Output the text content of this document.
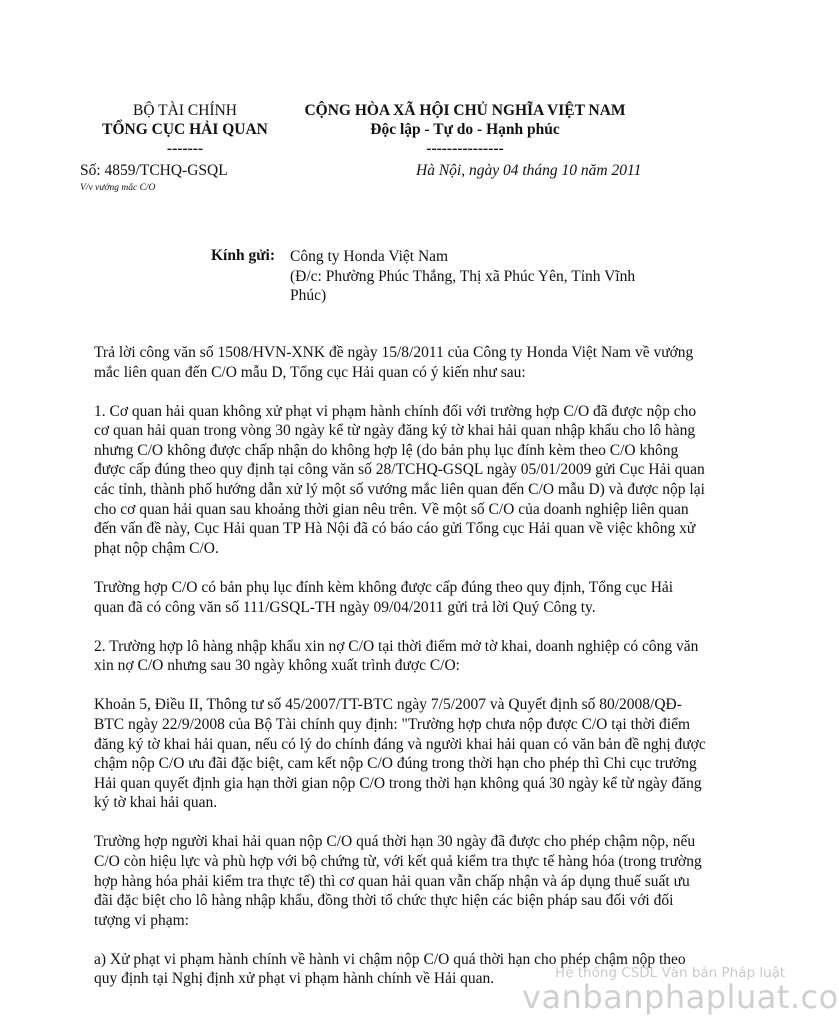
BỘ TÀI CHÍNH
TỔNG CỤC HẢI QUAN
-------
CỘNG HÒA XÃ HỘI CHỦ NGHĨA VIỆT NAM
Độc lập - Tự do - Hạnh phúc
---------------
Số: 4859/TCHQ-GSQL
V/v vướng mắc C/O
Hà Nội, ngày 04 tháng 10 năm 2011
Kính gửi: Công ty Honda Việt Nam
(Đ/c: Phường Phúc Thắng, Thị xã Phúc Yên, Tỉnh Vĩnh Phúc)

Trả lời công văn số 1508/HVN-XNK đề ngày 15/8/2011 của Công ty Honda Việt Nam về vướng mắc liên quan đến C/O mẫu D, Tổng cục Hải quan có ý kiến như sau:

1. Cơ quan hải quan không xử phạt vi phạm hành chính đối với trường hợp C/O đã được nộp cho cơ quan hải quan trong vòng 30 ngày kể từ ngày đăng ký tờ khai hải quan nhập khẩu cho lô hàng nhưng C/O không được chấp nhận do không hợp lệ (do bản phụ lục đính kèm theo C/O không được cấp đúng theo quy định tại công văn số 28/TCHQ-GSQL ngày 05/01/2009 gửi Cục Hải quan các tỉnh, thành phố hướng dẫn xử lý một số vướng mắc liên quan đến C/O mẫu D) và được nộp lại cho cơ quan hải quan sau khoảng thời gian nêu trên. Về một số C/O của doanh nghiệp liên quan đến vấn đề này, Cục Hải quan TP Hà Nội đã có báo cáo gửi Tổng cục Hải quan về việc không xử phạt nộp chậm C/O.

Trường hợp C/O có bản phụ lục đính kèm không được cấp đúng theo quy định, Tổng cục Hải quan đã có công văn số 111/GSQL-TH ngày 09/04/2011 gửi trả lời Quý Công ty.

2. Trường hợp lô hàng nhập khẩu xin nợ C/O tại thời điểm mở tờ khai, doanh nghiệp có công văn xin nợ C/O nhưng sau 30 ngày không xuất trình được C/O:

Khoản 5, Điều II, Thông tư số 45/2007/TT-BTC ngày 7/5/2007 và Quyết định số 80/2008/QĐ-BTC ngày 22/9/2008 của Bộ Tài chính quy định: "Trường hợp chưa nộp được C/O tại thời điểm đăng ký tờ khai hải quan, nếu có lý do chính đáng và người khai hải quan có văn bản đề nghị được chậm nộp C/O ưu đãi đặc biệt, cam kết nộp C/O đúng trong thời hạn cho phép thì Chi cục trưởng Hải quan quyết định gia hạn thời gian nộp C/O trong thời hạn không quá 30 ngày kể từ ngày đăng ký tờ khai hải quan.

Trường hợp người khai hải quan nộp C/O quá thời hạn 30 ngày đã được cho phép chậm nộp, nếu C/O còn hiệu lực và phù hợp với bộ chứng từ, với kết quả kiểm tra thực tế hàng hóa (trong trường hợp hàng hóa phải kiểm tra thực tế) thì cơ quan hải quan vẫn chấp nhận và áp dụng thuế suất ưu đãi đặc biệt cho lô hàng nhập khẩu, đồng thời tổ chức thực hiện các biện pháp sau đối với đối tượng vi phạm:

a) Xử phạt vi phạm hành chính về hành vi chậm nộp C/O quá thời hạn cho phép chậm nộp theo quy định tại Nghị định xử phạt vi phạm hành chính về Hải quan.	Hệ thống CSDL Văn bản Pháp luật
vanbanphapluat.co
